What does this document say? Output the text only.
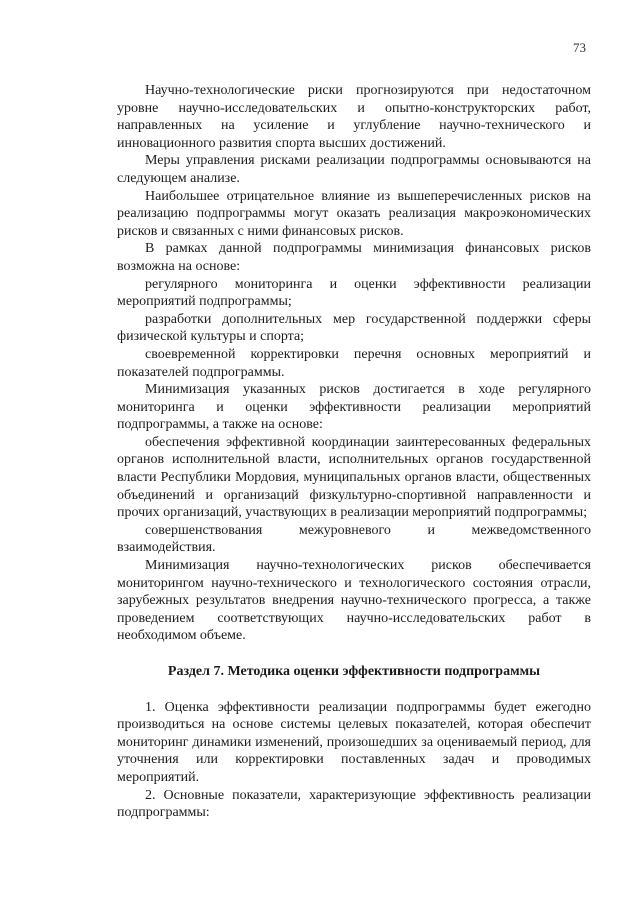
73

Научно-технологические риски прогнозируются при недостаточном уровне научно-исследовательских и опытно-конструкторских работ, направленных на усиление и углубление научно-технического и инновационного развития спорта высших достижений.

Меры управления рисками реализации подпрограммы основываются на следующем анализе.

Наибольшее отрицательное влияние из вышеперечисленных рисков на реализацию подпрограммы могут оказать реализация макроэкономических рисков и связанных с ними финансовых рисков.

В рамках данной подпрограммы минимизация финансовых рисков возможна на основе:

регулярного мониторинга и оценки эффективности реализации мероприятий подпрограммы;

разработки дополнительных мер государственной поддержки сферы физической культуры и спорта;

своевременной корректировки перечня основных мероприятий и показателей подпрограммы.

Минимизация указанных рисков достигается в ходе регулярного мониторинга и оценки эффективности реализации мероприятий подпрограммы, а также на основе:

обеспечения эффективной координации заинтересованных федеральных органов исполнительной власти, исполнительных органов государственной власти Республики Мордовия, муниципальных органов власти, общественных объединений и организаций физкультурно-спортивной направленности и прочих организаций, участвующих в реализации мероприятий подпрограммы;

совершенствования межуровневого и межведомственного взаимодействия.

Минимизация научно-технологических рисков обеспечивается мониторингом научно-технического и технологического состояния отрасли, зарубежных результатов внедрения научно-технического прогресса, а также проведением соответствующих научно-исследовательских работ в необходимом объеме.

Раздел 7. Методика оценки эффективности подпрограммы

1. Оценка эффективности реализации подпрограммы будет ежегодно производиться на основе системы целевых показателей, которая обеспечит мониторинг динамики изменений, произошедших за оцениваемый период, для уточнения или корректировки поставленных задач и проводимых мероприятий.

2. Основные показатели, характеризующие эффективность реализации подпрограммы:
